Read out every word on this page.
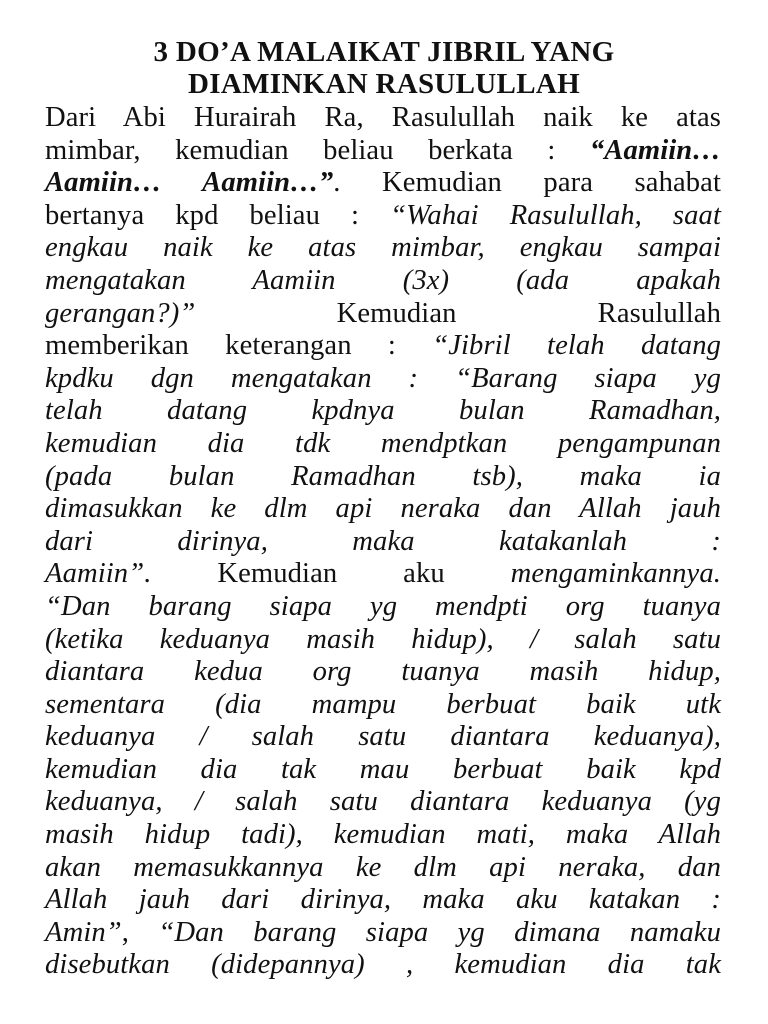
3 DO’A MALAIKAT JIBRIL YANG
DIAMINKAN RASULULLAH
Dari Abi Hurairah Ra, Rasulullah naik ke atas
mimbar, kemudian beliau berkata : “Aamiin…
Aamiin… Aamiin…”. Kemudian para sahabat
bertanya kpd beliau : “Wahai Rasulullah, saat
engkau naik ke atas mimbar, engkau sampai
mengatakan Aamiin (3x) (ada apakah
gerangan?)” Kemudian Rasulullah
memberikan keterangan : “Jibril telah datang
kpdku dgn mengatakan : “Barang siapa yg
telah datang kpdnya bulan Ramadhan,
kemudian dia tdk mendptkan pengampunan
(pada bulan Ramadhan tsb), maka ia
dimasukkan ke dlm api neraka dan Allah jauh
dari dirinya, maka katakanlah :
Aamiin”. Kemudian aku mengaminkannya.
“Dan barang siapa yg mendpti org tuanya
(ketika keduanya masih hidup), / salah satu
diantara kedua org tuanya masih hidup,
sementara (dia mampu berbuat baik utk
keduanya / salah satu diantara keduanya),
kemudian dia tak mau berbuat baik kpd
keduanya, / salah satu diantara keduanya (yg
masih hidup tadi), kemudian mati, maka Allah
akan memasukkannya ke dlm api neraka, dan
Allah jauh dari dirinya, maka aku katakan :
Amin”, “Dan barang siapa yg dimana namaku
disebutkan (didepannya) , kemudian dia tak
